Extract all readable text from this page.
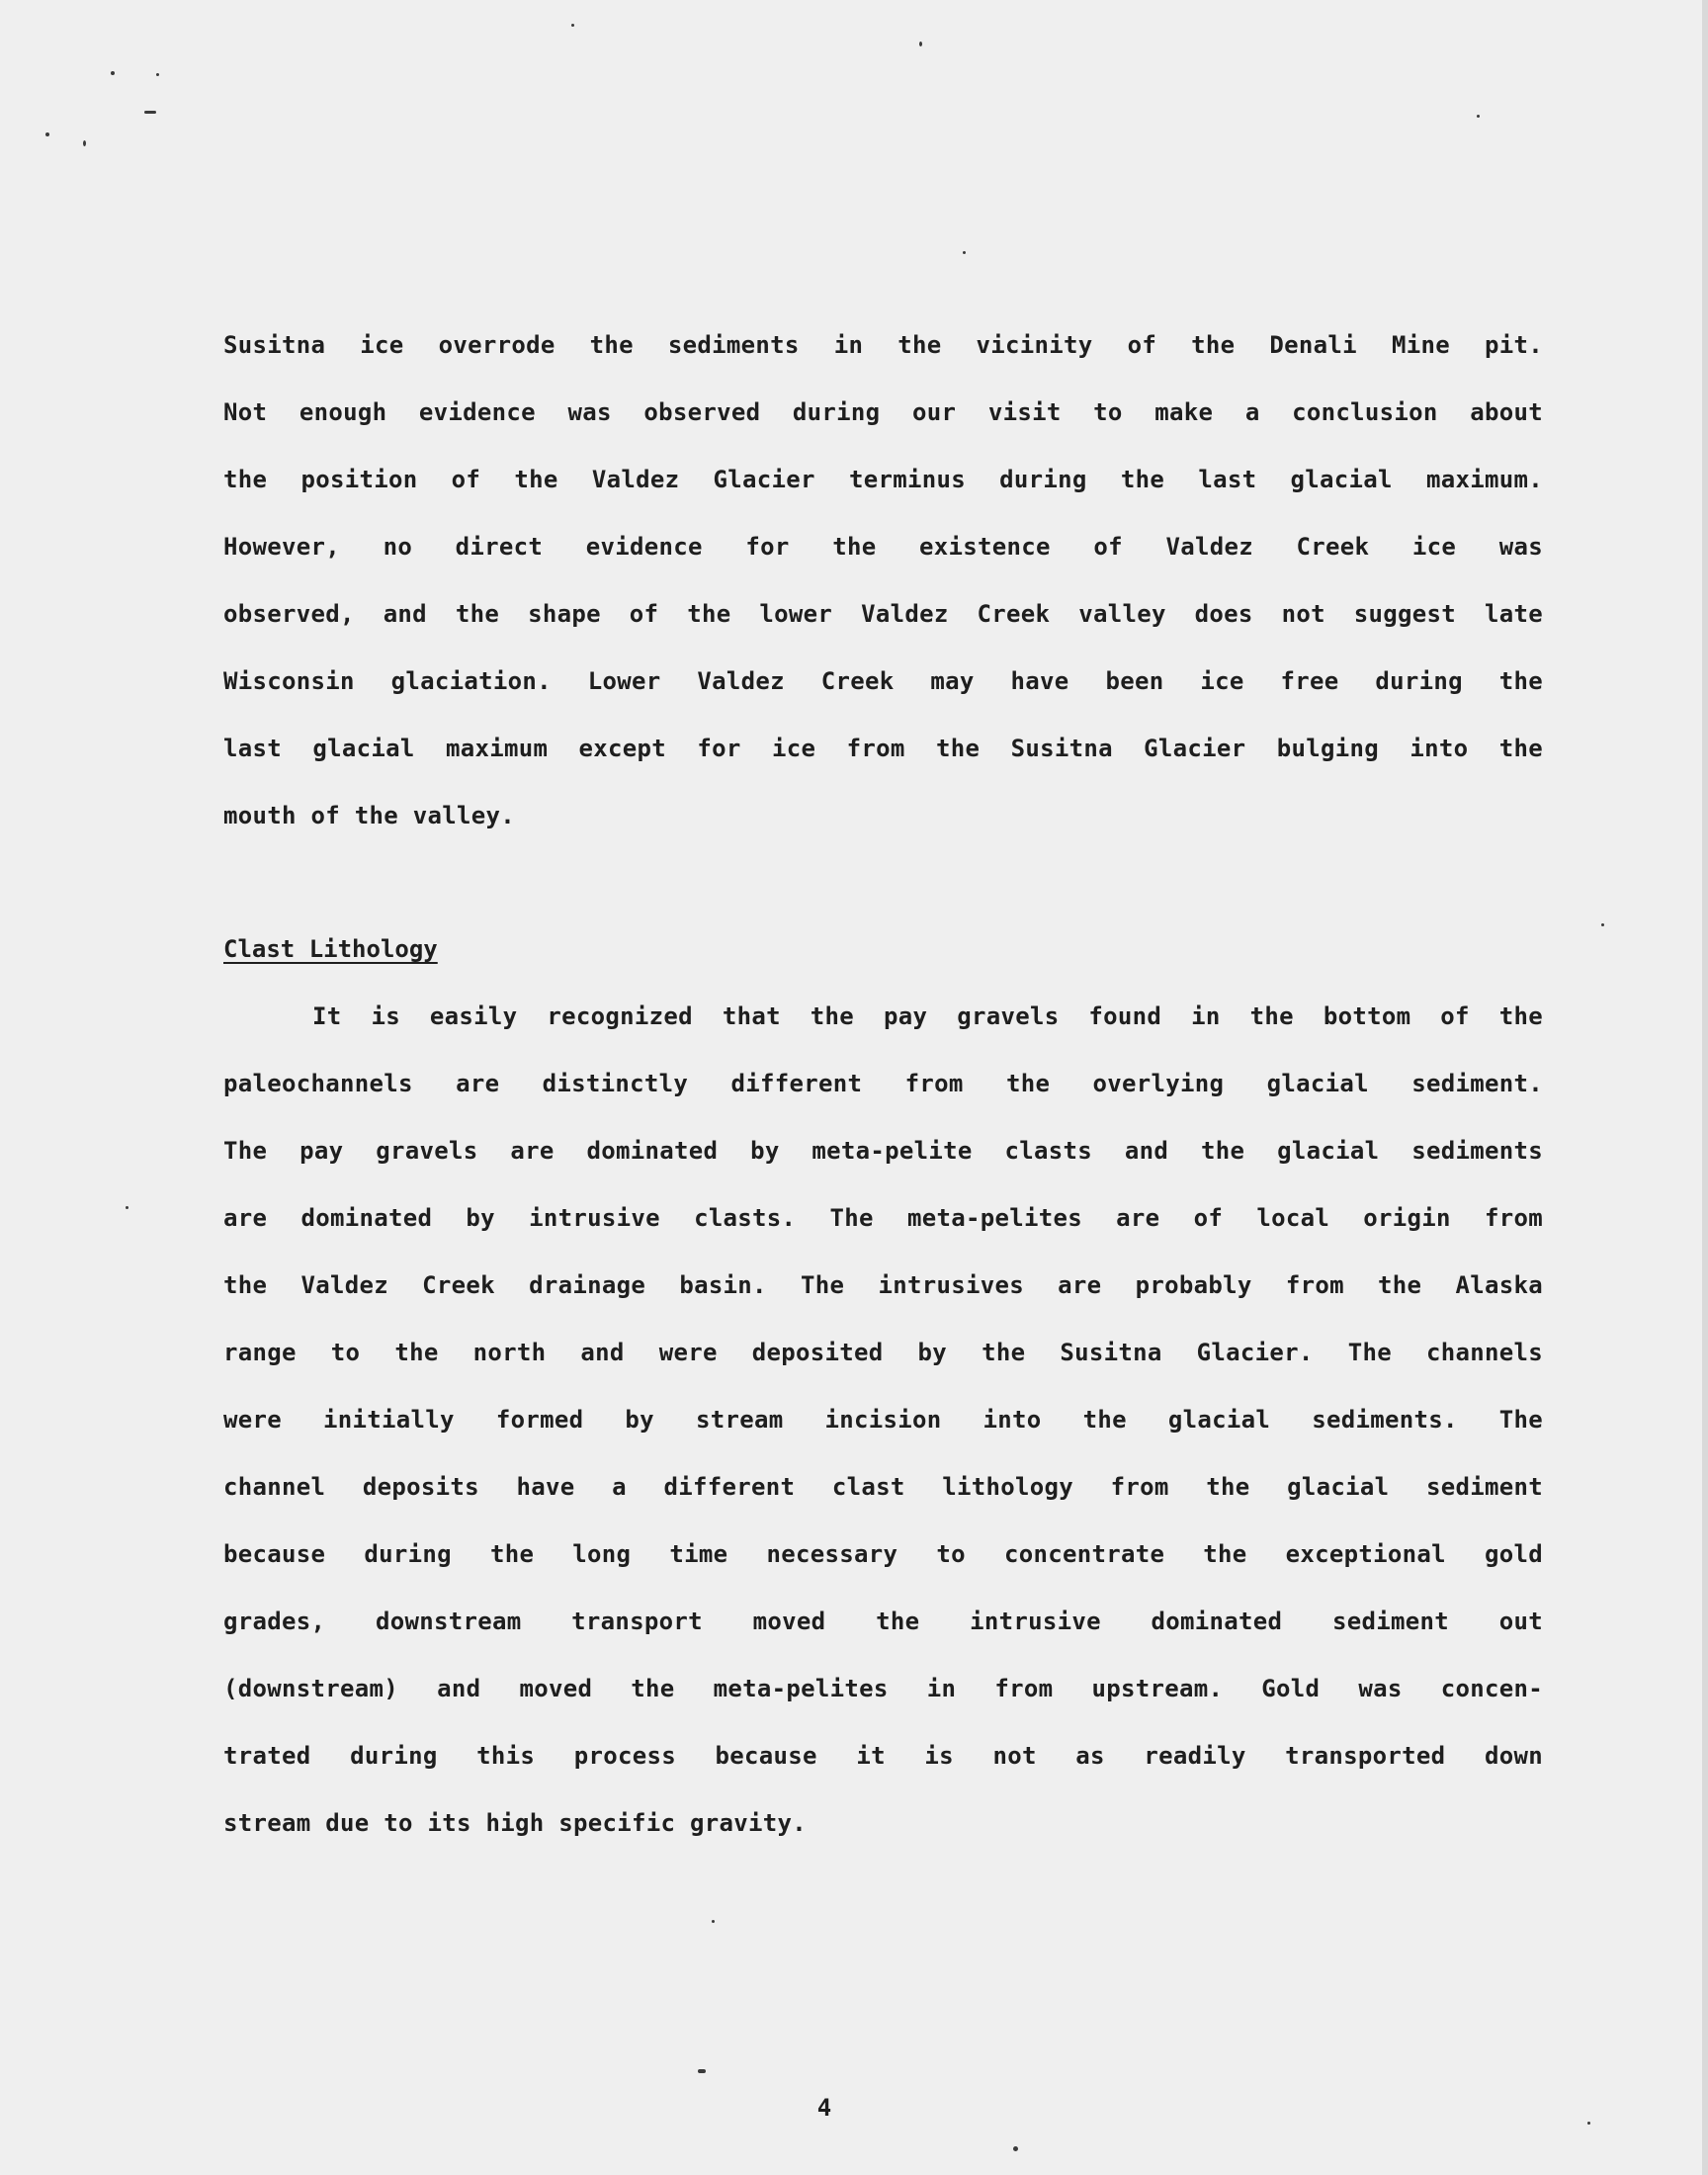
Susitna ice overrode the sediments in the vicinity of the Denali Mine pit.
Not enough evidence was observed during our visit to make a conclusion about
the position of the Valdez Glacier terminus during the last glacial maximum.
However, no direct evidence for the existence of Valdez Creek ice was
observed, and the shape of the lower Valdez Creek valley does not suggest late
Wisconsin glaciation. Lower Valdez Creek may have been ice free during the
last glacial maximum except for ice from the Susitna Glacier bulging into the
mouth of the valley.
Clast Lithology
It is easily recognized that the pay gravels found in the bottom of the
paleochannels are distinctly different from the overlying glacial sediment.
The pay gravels are dominated by meta-pelite clasts and the glacial sediments
are dominated by intrusive clasts. The meta-pelites are of local origin from
the Valdez Creek drainage basin. The intrusives are probably from the Alaska
range to the north and were deposited by the Susitna Glacier. The channels
were initially formed by stream incision into the glacial sediments. The
channel deposits have a different clast lithology from the glacial sediment
because during the long time necessary to concentrate the exceptional gold
grades, downstream transport moved the intrusive dominated sediment out
(downstream) and moved the meta-pelites in from upstream. Gold was concen-
trated during this process because it is not as readily transported down
stream due to its high specific gravity.
4
